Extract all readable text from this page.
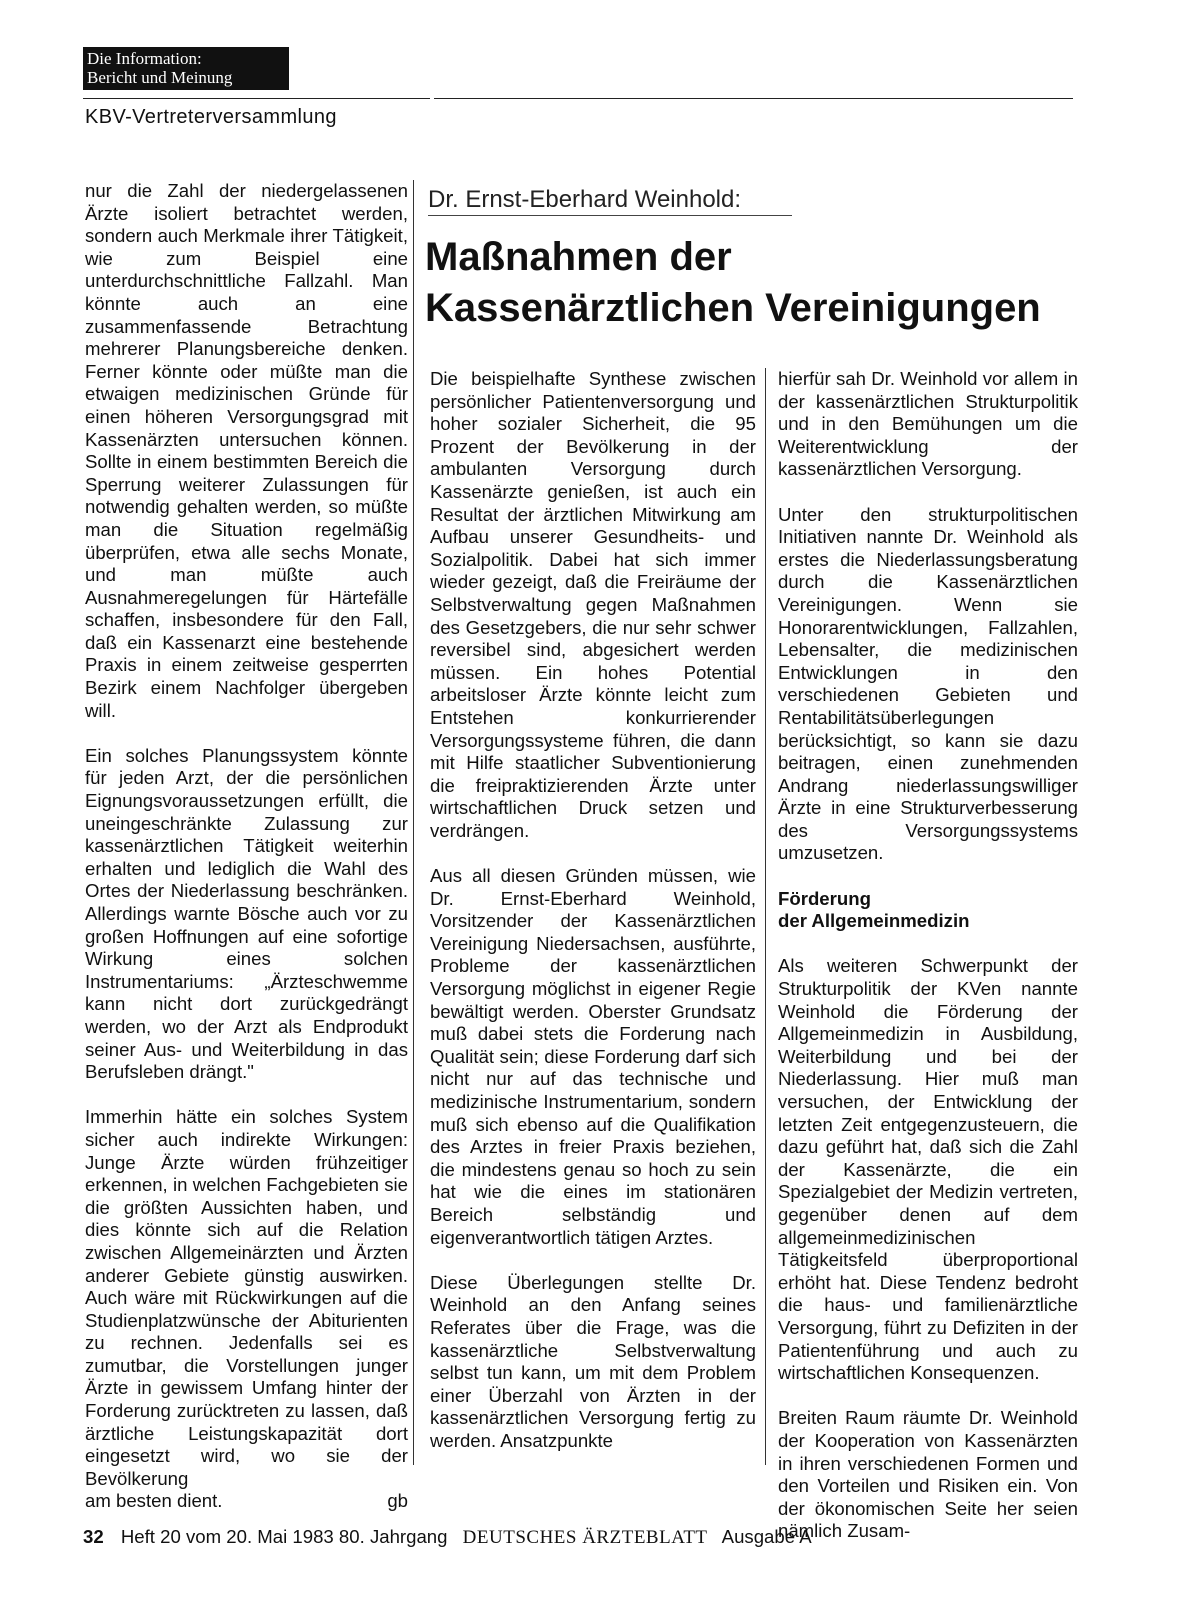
Die Information:
Bericht und Meinung
KBV-Vertreterversammlung

nur die Zahl der niedergelassenen Ärzte isoliert betrachtet werden, sondern auch Merkmale ihrer Tätigkeit, wie zum Beispiel eine unterdurchschnittliche Fallzahl. Man könnte auch an eine zusammenfassende Betrachtung mehrerer Planungsbereiche denken. Ferner könnte oder müßte man die etwaigen medizinischen Gründe für einen höheren Versorgungsgrad mit Kassenärzten untersuchen können. Sollte in einem bestimmten Bereich die Sperrung weiterer Zulassungen für notwendig gehalten werden, so müßte man die Situation regelmäßig überprüfen, etwa alle sechs Monate, und man müßte auch Ausnahmeregelungen für Härtefälle schaffen, insbesondere für den Fall, daß ein Kassenarzt eine bestehende Praxis in einem zeitweise gesperrten Bezirk einem Nachfolger übergeben will.

Ein solches Planungssystem könnte für jeden Arzt, der die persönlichen Eignungsvoraussetzungen erfüllt, die uneingeschränkte Zulassung zur kassenärztlichen Tätigkeit weiterhin erhalten und lediglich die Wahl des Ortes der Niederlassung beschränken. Allerdings warnte Bösche auch vor zu großen Hoffnungen auf eine sofortige Wirkung eines solchen Instrumentariums: „Ärzteschwemme kann nicht dort zurückgedrängt werden, wo der Arzt als Endprodukt seiner Aus- und Weiterbildung in das Berufsleben drängt."

Immerhin hätte ein solches System sicher auch indirekte Wirkungen: Junge Ärzte würden frühzeitiger erkennen, in welchen Fachgebieten sie die größten Aussichten haben, und dies könnte sich auf die Relation zwischen Allgemeinärzten und Ärzten anderer Gebiete günstig auswirken. Auch wäre mit Rückwirkungen auf die Studienplatzwünsche der Abiturienten zu rechnen. Jedenfalls sei es zumutbar, die Vorstellungen junger Ärzte in gewissem Umfang hinter der Forderung zurücktreten zu lassen, daß ärztliche Leistungskapazität dort eingesetzt wird, wo sie der Bevölkerung
am besten dient.	gb

Dr. Ernst-Eberhard Weinhold:
Maßnahmen der
Kassenärztlichen Vereinigungen

Die beispielhafte Synthese zwischen persönlicher Patientenversorgung und hoher sozialer Sicherheit, die 95 Prozent der Bevölkerung in der ambulanten Versorgung durch Kassenärzte genießen, ist auch ein Resultat der ärztlichen Mitwirkung am Aufbau unserer Gesundheits- und Sozialpolitik. Dabei hat sich immer wieder gezeigt, daß die Freiräume der Selbstverwaltung gegen Maßnahmen des Gesetzgebers, die nur sehr schwer reversibel sind, abgesichert werden müssen. Ein hohes Potential arbeitsloser Ärzte könnte leicht zum Entstehen konkurrierender Versorgungssysteme führen, die dann mit Hilfe staatlicher Subventionierung die freipraktizierenden Ärzte unter wirtschaftlichen Druck setzen und verdrängen.

Aus all diesen Gründen müssen, wie Dr. Ernst-Eberhard Weinhold, Vorsitzender der Kassenärztlichen Vereinigung Niedersachsen, ausführte, Probleme der kassenärztlichen Versorgung möglichst in eigener Regie bewältigt werden. Oberster Grundsatz muß dabei stets die Forderung nach Qualität sein; diese Forderung darf sich nicht nur auf das technische und medizinische Instrumentarium, sondern muß sich ebenso auf die Qualifikation des Arztes in freier Praxis beziehen, die mindestens genau so hoch zu sein hat wie die eines im stationären Bereich selbständig und eigenverantwortlich tätigen Arztes.

Diese Überlegungen stellte Dr. Weinhold an den Anfang seines Referates über die Frage, was die kassenärztliche Selbstverwaltung selbst tun kann, um mit dem Problem einer Überzahl von Ärzten in der kassenärztlichen Versorgung fertig zu werden. Ansatzpunkte

hierfür sah Dr. Weinhold vor allem in der kassenärztlichen Strukturpolitik und in den Bemühungen um die Weiterentwicklung der kassenärztlichen Versorgung.

Unter den strukturpolitischen Initiativen nannte Dr. Weinhold als erstes die Niederlassungsberatung durch die Kassenärztlichen Vereinigungen. Wenn sie Honorarentwicklungen, Fallzahlen, Lebensalter, die medizinischen Entwicklungen in den verschiedenen Gebieten und Rentabilitätsüberlegungen berücksichtigt, so kann sie dazu beitragen, einen zunehmenden Andrang niederlassungswilliger Ärzte in eine Strukturverbesserung des Versorgungssystems umzusetzen.

Förderung
der Allgemeinmedizin

Als weiteren Schwerpunkt der Strukturpolitik der KVen nannte Weinhold die Förderung der Allgemeinmedizin in Ausbildung, Weiterbildung und bei der Niederlassung. Hier muß man versuchen, der Entwicklung der letzten Zeit entgegenzusteuern, die dazu geführt hat, daß sich die Zahl der Kassenärzte, die ein Spezialgebiet der Medizin vertreten, gegenüber denen auf dem allgemeinmedizinischen Tätigkeitsfeld überproportional erhöht hat. Diese Tendenz bedroht die haus- und familienärztliche Versorgung, führt zu Defiziten in der Patientenführung und auch zu wirtschaftlichen Konsequenzen.

Breiten Raum räumte Dr. Weinhold der Kooperation von Kassenärzten in ihren verschiedenen Formen und den Vorteilen und Risiken ein. Von der ökonomischen Seite her seien nämlich Zusam-

32 Heft 20 vom 20. Mai 1983 80. Jahrgang DEUTSCHES ÄRZTEBLATT Ausgabe A
